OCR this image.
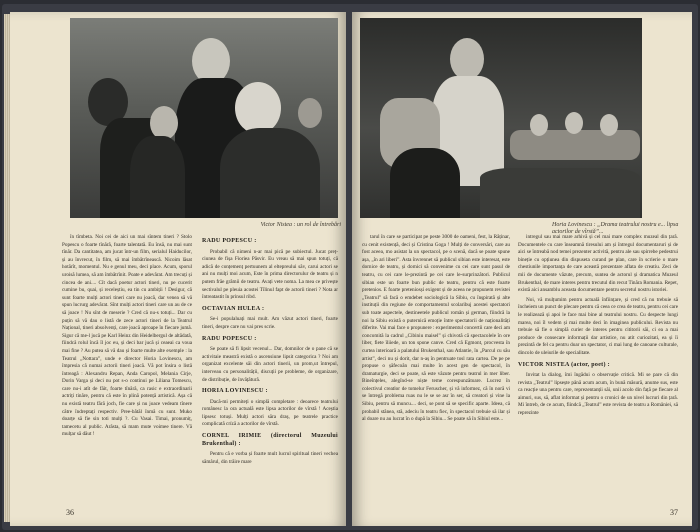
Victor Nistea : un rol de întrebări

în tîmbeta. Noi cei de aici un mai sîntem tineri ? Stolo Popescu o foarte tînără, foarte talentată. Eu însă, nu mai sunt tînăr. Da cantitatea, am jucat într-un film, serialul Haiducilor, și au învrecut, în film, să mai îmbătrînească. Nicoim lăsat hotărît, momentul. Nu e genul meu, deci place. Acum, sporul uroisă lumea, să am îmbătrînit. Poate e adevărat. Am trecuți și cincea de ani.... Cît dacă poetur actori tineri, nu pe cucerit cumine bu, quai, și receleștiu, ea tin cu ambiții ! Desigur, că sunt foarte mulți actori tineri care nu joacă, dar venea să vă spun lucrurg adevărat. Sînt mulți actori tineri care un au de ce să joace ! Nu sînt de meserie ? Cred că nu-s totuți... Dar cu puțin să vă dau o listă de zece actori tineri de la Teatrul Național, tineri absolvenți, care joacă aproape în fiecare jumă. Sigur că me-l jucă pe Karl Heinz din Heidelbergul de altădată, fiindcă rolul încă îl joc eu, și deci bar jucă și ceaeai ca voua mai fine ? Au putea să vă dau și foarte multe alte exemple : la Teatrul „Nottara”, unde e director Horia Lovinescu, am împresia că numai actorii tineri joacă. Vă pot însira o listă întreagă : Alexandru Repan, Anda Caropol, Melania Cirje, Dorin Varga și deci nu pot s-o continui pe Liliana Tomescu, care nu-i atît de făit, foarte tînără, ca rasic e extraordinarii actriți tinăre, pentru că este în plină potență artistică. Așa că nu există teatru fără joch, fie care și nu joace vedeam tînere către îndreptați respectiv. Pree-bătăl înmă cu sunt. Muko doarțe să fie sin toti mulți ?. Cu Vasai. Timai, pronumiț, tamecetu al public. Arăsta, să mam mute voimee tinere. Vă mulțar să dăut !

RADU POPESCU :

Probabil că nimeni n-ar mai pică pe subiectul. Jucat preț-ciunea de fișa Fioriea Păsvir. Eu vreau să mai spun totuți, că adică de conțemenț pertuunem al eltepreului săv, carui actori se ani nu mulți moi acum, Este în prima directorulur de teatru și n putem frăe grămii de teatru. Avați vete noma. La mea ce privește sectivalul pe pleuia acostei Tîlinul fapt de actorii tineri ? Nota ar întreatastit în prinsul ribd.

OCTAVIAN HULEA :

Se-i populaluați mai mult. Am văzut actori tineri, foarte tineri, despre care nu vai pres scrie.

RADU POPESCU :

Se poate să fi lipsit vecenul... Dar, domnilor de o pane că se activitaie meastră există o ascensiune lipsit categorica ? Noi am organizat excelente săi din actori tinerii, un prom,ut întrepul, interveau cu personalității, discuții pe probleme, de organizare, de distribuție, de învățătură.

HORIA LOVINESCU :

Dacă-mi permiteți o simplă completare : deoarece teatrului românesc la ora actuală este lipsa actorilor de vîrstă ! Aceștia lipsesc totuși. Mulți actori săra draș, pe teatrele practice complicată críză a actorilor de vîrstă.

CORNEL IRIMIE (directorul Muzeului Brukenthal) :

Pentru că e vorba și foarte mult lucrul spiritual tineri vechea sămârul, din trăire mare

36
Horia Lovinescu : „Drama teatrului nostru e... lipsa actorilor de vîrstă”...

tarul în care se participat pe peste 3000 de oameni, fest, la Răținar, cu cenit existență, deci și Cristina Goga ! Mulți de conversări, care au fost aceea, mo asistat la un spectacol, pe o scenă, dacă se poate spune așa, „în ari liberi”. Asta învrennet să publicul sibian este interesat, este dornice de teatru, și dornici să convenime cu cei care sunt pasul de teatru, cu cei care le-prezintă pe cei care le-surprinzători. Publicul sibian este un foarte bun public de teatru, pentru că este foarte pretenios. E foarte preteniosși exigent și de aceea ne propunem revistei „Teatrul” să facă o emdebet sociologică la Sibiu, cu înșpirată și alte instituții din regiune de comportamentul scolaribuj acestei spectatori sub toate aspectele, destineetele publicul român și german, fiindcă la noi la Sibiu există o puternică emoție între spectatorii de naționalități diferite. Vai mai face o propunere : experimentul concertii care deci am concomită la cadrul „Cibiniu maisel” și chivotă că spectacolele în ore liber, fiete îliiede, un ton spone canve. Cred că Egmont, procvesta în curtea interioară a palatului Brukenthal, sau Atlantie, în „Parcul cu său artist”, deci nu și dorit, dar n-aș în pentruate tosl rata cartea. De pe pe propuse o șăfecoăn mai multe în acest gen de spectacol, în dramaturgie, deci se poate, să este văzute pentru teatrul in mer liber. Bineînțeles, alegînd-se niște teme corespunzătoare. Lucrez în colectivul creatlor de tomelur Feruscher, și vă informez, că în noră vi se întregă problema ruas nu le se se asr în ser, să creatori și vine la Sibiu, pentru să muncu.... deci, se pont să se specific aparte. Ideea, că probabil stănea, stă, adeciu în teatru fiec, în spectacol trebuie să ilar și al doare nu au lucrat în o după la Sibiu... Se poate să în Sibiul este...

intregul sau mai mare arhivă și cel mai mare complex muzeal din țară. Documentele cu care înseamnă tiresului am și întregul documentaruri și de aici se întreabă nod temei prezenter activită, pentru ale sau spirrebe pedestrui bineție cu opțiunea din dispuseta curand pe plan, care în scrierie o mare chestiunile importanța de care această prezentare aflata de creatiu. Zeci de mii de documente văzute, precum, suntea de actorul și dramatica Muzeul Brukenthal, de mare interes pentru trecutul din recut Tinăra Romania. Repet, există aici ansamblu aceasta documentare pentru secretul nostru istoriei.

Noi, vă mulțumim pentru actuală înființare, și cred că nu trebuie să încheiem un punct de plecare pentru că ceea ce crea de teatru, pentru cei care le realizează și apoi le face mai bine al teatrului nostru. Cu despecte lungi marea, noi îl vedem și mai multe deci în imaginea publicului. Revista nu trebuie să fie o simplă curier de interes pentru cititorii săi, ci ea a mai produce de consecare informații dar artistice, nu atit curiozitati, ea și îi prezintă de fel ca pentru doar un spectator, ci mai lung de canoane culturale, dincolo de uleiurile de specialitate.

VICTOR NISTEA (actor, poet) :

Invitat la dialog, îmi îngădui o observație critică. Mi se pare că din revista „Teatrul” lipsește până acum acum, în bună măsură, anume sus, este ca reacție una pentru care, reprezentanții săi, unii acolo din față pe fiecare al aimuri, sus, să, aflat informat și pentru o cronici de un nivel lucruri din țară. Mi întreb, de ce acum, fiindcă „Teatrul” este revista de teatru a României, să reprezinte

37
